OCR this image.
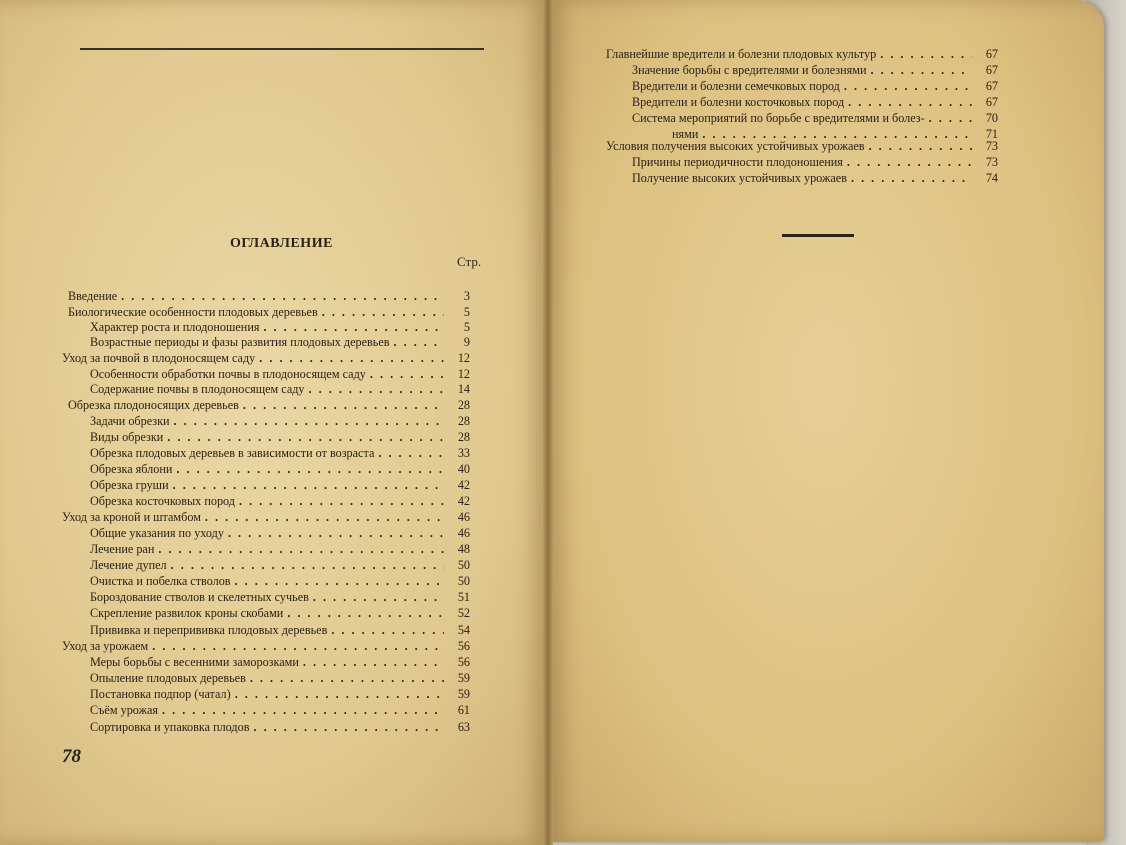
ОГЛАВЛЕНИЕ
Стр.
Введение . . .	3
Биологические особенности плодовых деревьев . . .	5
Характер роста и плодоношения . . .	5
Возрастные периоды и фазы развития плодовых деревьев . . .	9
Уход за почвой в плодоносящем саду . . .	12
Особенности обработки почвы в плодоносящем саду . . .	12
Содержание почвы в плодоносящем саду . . .	14
Обрезка плодоносящих деревьев . . .	28
Задачи обрезки . . .	28
Виды обрезки . . .	28
Обрезка плодовых деревьев в зависимости от возраста . . .	33
Обрезка яблони . . .	40
Обрезка груши . . .	42
Обрезка косточковых пород . . .	42
Уход за кроной и штамбом . . .	46
Общие указания по уходу . . .	46
Лечение ран . . .	48
Лечение дупел . . .	50
Очистка и побелка стволов . . .	50
Бороздование стволов и скелетных сучьев . . .	51
Скрепление развилок кроны скобами . . .	52
Прививка и перепрививка плодовых деревьев . . .	54
Уход за урожаем . . .	56
Меры борьбы с весенними заморозками . . .	56
Опыление плодовых деревьев . . .	59
Постановка подпор (чатал) . . .	59
Съём урожая . . .	61
Сортировка и упаковка плодов . . .	63
78
Главнейшие вредители и болезни плодовых культур . . .	67
Значение борьбы с вредителями и болезнями . . .	67
Вредители и болезни семечковых пород . . .	67
Вредители и болезни косточковых пород . . .	67
Система мероприятий по борьбе с вредителями и болез- . . .	70
нями . . .	71
Условия получения высоких устойчивых урожаев . . .	73
Причины периодичности плодоношения . . .	73
Получение высоких устойчивых урожаев . . .	74
